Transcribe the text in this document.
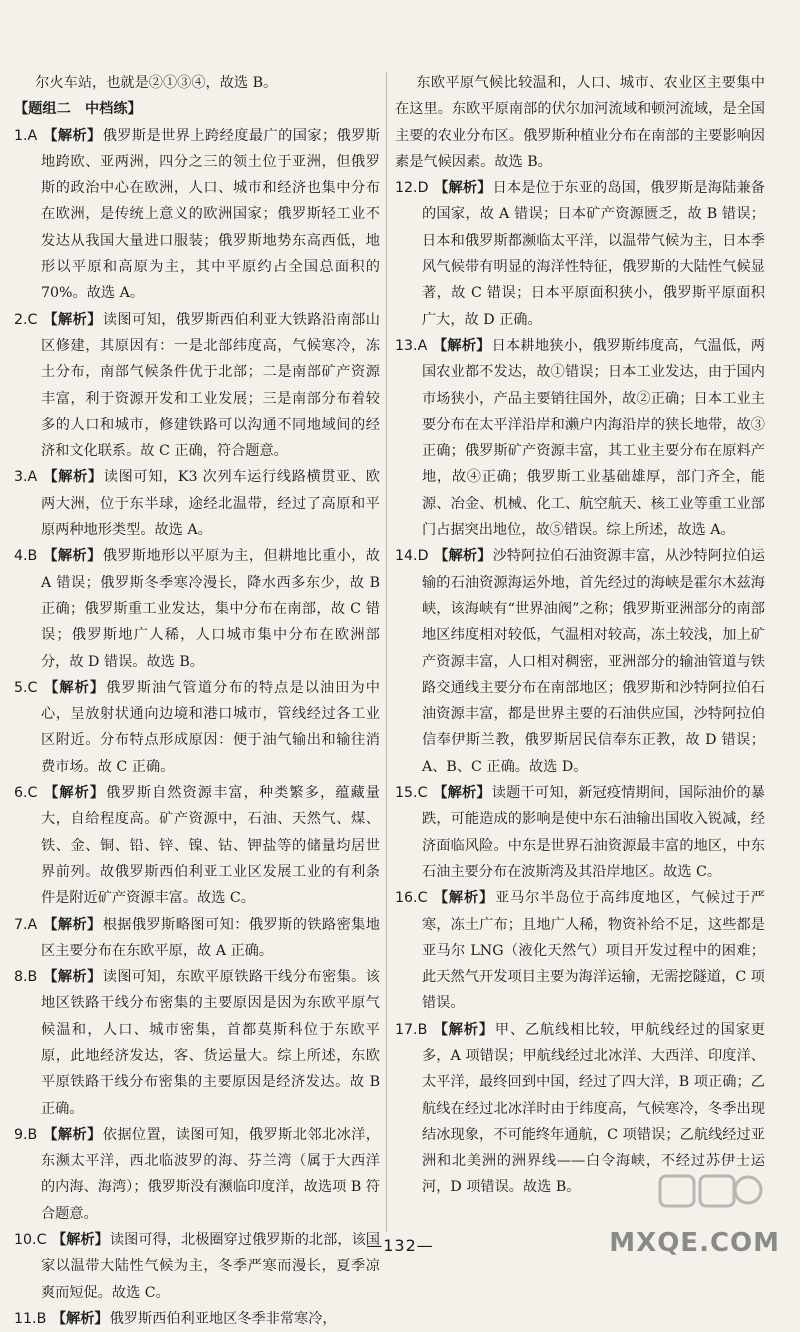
尔火车站，也就是②①③④，故选 B。

【题组二　中档练】

1.A 【解析】俄罗斯是世界上跨经度最广的国家；俄罗斯地跨欧、亚两洲，四分之三的领土位于亚洲，但俄罗斯的政治中心在欧洲，人口、城市和经济也集中分布在欧洲，是传统上意义的欧洲国家；俄罗斯轻工业不发达从我国大量进口服装；俄罗斯地势东高西低，地形以平原和高原为主，其中平原约占全国总面积的 70%。故选 A。

2.C 【解析】读图可知，俄罗斯西伯利亚大铁路沿南部山区修建，其原因有：一是北部纬度高，气候寒冷，冻土分布，南部气候条件优于北部；二是南部矿产资源丰富，利于资源开发和工业发展；三是南部分布着较多的人口和城市，修建铁路可以沟通不同地域间的经济和文化联系。故 C 正确，符合题意。

3.A 【解析】读图可知，K3 次列车运行线路横贯亚、欧两大洲，位于东半球，途经北温带，经过了高原和平原两种地形类型。故选 A。

4.B 【解析】俄罗斯地形以平原为主，但耕地比重小，故 A 错误；俄罗斯冬季寒冷漫长，降水西多东少，故 B 正确；俄罗斯重工业发达，集中分布在南部，故 C 错误；俄罗斯地广人稀，人口城市集中分布在欧洲部分，故 D 错误。故选 B。

5.C 【解析】俄罗斯油气管道分布的特点是以油田为中心，呈放射状通向边境和港口城市，管线经过各工业区附近。分布特点形成原因：便于油气输出和输往消费市场。故 C 正确。

6.C 【解析】俄罗斯自然资源丰富，种类繁多，蕴藏量大，自给程度高。矿产资源中，石油、天然气、煤、铁、金、铜、铅、锌、镍、钴、钾盐等的储量均居世界前列。故俄罗斯西伯利亚工业区发展工业的有利条件是附近矿产资源丰富。故选 C。

7.A 【解析】根据俄罗斯略图可知：俄罗斯的铁路密集地区主要分布在东欧平原，故 A 正确。

8.B 【解析】读图可知，东欧平原铁路干线分布密集。该地区铁路干线分布密集的主要原因是因为东欧平原气候温和，人口、城市密集，首都莫斯科位于东欧平原，此地经济发达，客、货运量大。综上所述，东欧平原铁路干线分布密集的主要原因是经济发达。故 B 正确。

9.B 【解析】依据位置，读图可知，俄罗斯北邻北冰洋，东濒太平洋，西北临波罗的海、芬兰湾（属于大西洋的内海、海湾）；俄罗斯没有濒临印度洋，故选项 B 符合题意。

10.C 【解析】读图可得，北极圈穿过俄罗斯的北部，该国家以温带大陆性气候为主，冬季严寒而漫长，夏季凉爽而短促。故选 C。

11.B 【解析】俄罗斯西伯利亚地区冬季非常寒冷，

东欧平原气候比较温和，人口、城市、农业区主要集中在这里。东欧平原南部的伏尔加河流域和顿河流域，是全国主要的农业分布区。俄罗斯种植业分布在南部的主要影响因素是气候因素。故选 B。

12.D 【解析】日本是位于东亚的岛国，俄罗斯是海陆兼备的国家，故 A 错误；日本矿产资源匮乏，故 B 错误；日本和俄罗斯都濒临太平洋，以温带气候为主，日本季风气候带有明显的海洋性特征，俄罗斯的大陆性气候显著，故 C 错误；日本平原面积狭小，俄罗斯平原面积广大，故 D 正确。

13.A 【解析】日本耕地狭小，俄罗斯纬度高，气温低，两国农业都不发达，故①错误；日本工业发达，由于国内市场狭小，产品主要销往国外，故②正确；日本工业主要分布在太平洋沿岸和濑户内海沿岸的狭长地带，故③正确；俄罗斯矿产资源丰富，其工业主要分布在原料产地，故④正确；俄罗斯工业基础雄厚，部门齐全，能源、冶金、机械、化工、航空航天、核工业等重工业部门占据突出地位，故⑤错误。综上所述，故选 A。

14.D 【解析】沙特阿拉伯石油资源丰富，从沙特阿拉伯运输的石油资源海运外地，首先经过的海峡是霍尔木兹海峡，该海峡有“世界油阀”之称；俄罗斯亚洲部分的南部地区纬度相对较低，气温相对较高，冻土较浅，加上矿产资源丰富，人口相对稠密，亚洲部分的输油管道与铁路交通线主要分布在南部地区；俄罗斯和沙特阿拉伯石油资源丰富，都是世界主要的石油供应国，沙特阿拉伯信奉伊斯兰教，俄罗斯居民信奉东正教，故 D 错误；A、B、C 正确。故选 D。

15.C 【解析】读题干可知，新冠疫情期间，国际油价的暴跌，可能造成的影响是使中东石油输出国收入锐减，经济面临风险。中东是世界石油资源最丰富的地区，中东石油主要分布在波斯湾及其沿岸地区。故选 C。

16.C 【解析】亚马尔半岛位于高纬度地区，气候过于严寒，冻土广布；且地广人稀，物资补给不足，这些都是亚马尔 LNG（液化天然气）项目开发过程中的困难；此天然气开发项目主要为海洋运输，无需挖隧道，C 项错误。

17.B 【解析】甲、乙航线相比较，甲航线经过的国家更多，A 项错误；甲航线经过北冰洋、大西洋、印度洋、太平洋，最终回到中国，经过了四大洋，B 项正确；乙航线在经过北冰洋时由于纬度高，气候寒冷，冬季出现结冰现象，不可能终年通航，C 项错误；乙航线经过亚洲和北美洲的洲界线——白令海峡，不经过苏伊士运河，D 项错误。故选 B。

—132—	MXQE.COM
